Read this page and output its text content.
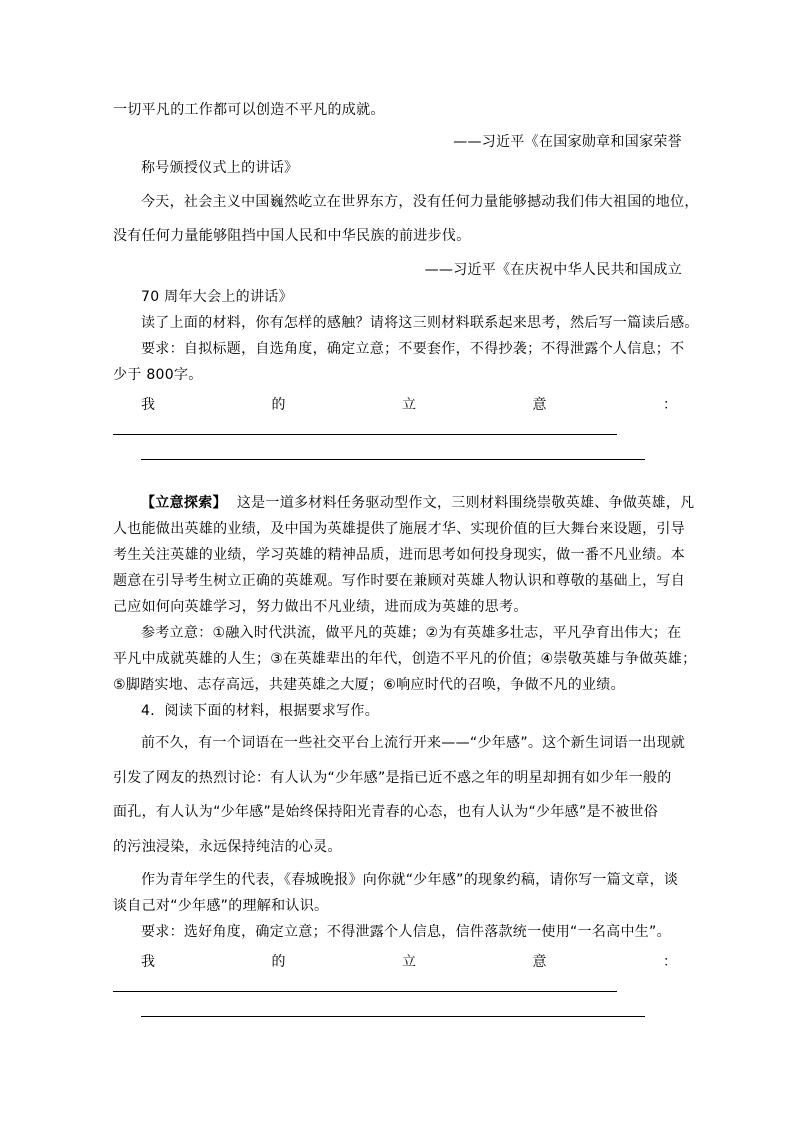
一切平凡的工作都可以创造不平凡的成就。
——习近平《在国家勋章和国家荣誉
称号颁授仪式上的讲话》
今天，社会主义中国巍然屹立在世界东方，没有任何力量能够撼动我们伟大祖国的地位，
没有任何力量能够阻挡中国人民和中华民族的前进步伐。
——习近平《在庆祝中华人民共和国成立
70 周年大会上的讲话》
读了上面的材料，你有怎样的感触？请将这三则材料联系起来思考，然后写一篇读后感。
要求：自拟标题，自选角度，确定立意；不要套作，不得抄袭；不得泄露个人信息；不
少于 800字。
我	的	立	意	：
【立意探索】 这是一道多材料任务驱动型作文，三则材料围绕崇敬英雄、争做英雄，凡
人也能做出英雄的业绩，及中国为英雄提供了施展才华、实现价值的巨大舞台来设题，引导
考生关注英雄的业绩，学习英雄的精神品质，进而思考如何投身现实，做一番不凡业绩。本
题意在引导考生树立正确的英雄观。写作时要在兼顾对英雄人物认识和尊敬的基础上，写自
己应如何向英雄学习，努力做出不凡业绩，进而成为英雄的思考。
参考立意：①融入时代洪流，做平凡的英雄；②为有英雄多壮志，平凡孕育出伟大；在
平凡中成就英雄的人生；③在英雄辈出的年代，创造不平凡的价值；④崇敬英雄与争做英雄；
⑤脚踏实地、志存高远，共建英雄之大厦；⑥响应时代的召唤，争做不凡的业绩。
4．阅读下面的材料，根据要求写作。
前不久，有一个词语在一些社交平台上流行开来——“少年感”。这个新生词语一出现就
引发了网友的热烈讨论：有人认为“少年感”是指已近不惑之年的明星却拥有如少年一般的
面孔，有人认为“少年感”是始终保持阳光青春的心态，也有人认为“少年感”是不被世俗
的污浊浸染，永远保持纯洁的心灵。
作为青年学生的代表，《春城晚报》向你就“少年感”的现象约稿，请你写一篇文章，谈
谈自己对“少年感”的理解和认识。
要求：选好角度，确定立意；不得泄露个人信息，信件落款统一使用“一名高中生”。
我	的	立	意	：
